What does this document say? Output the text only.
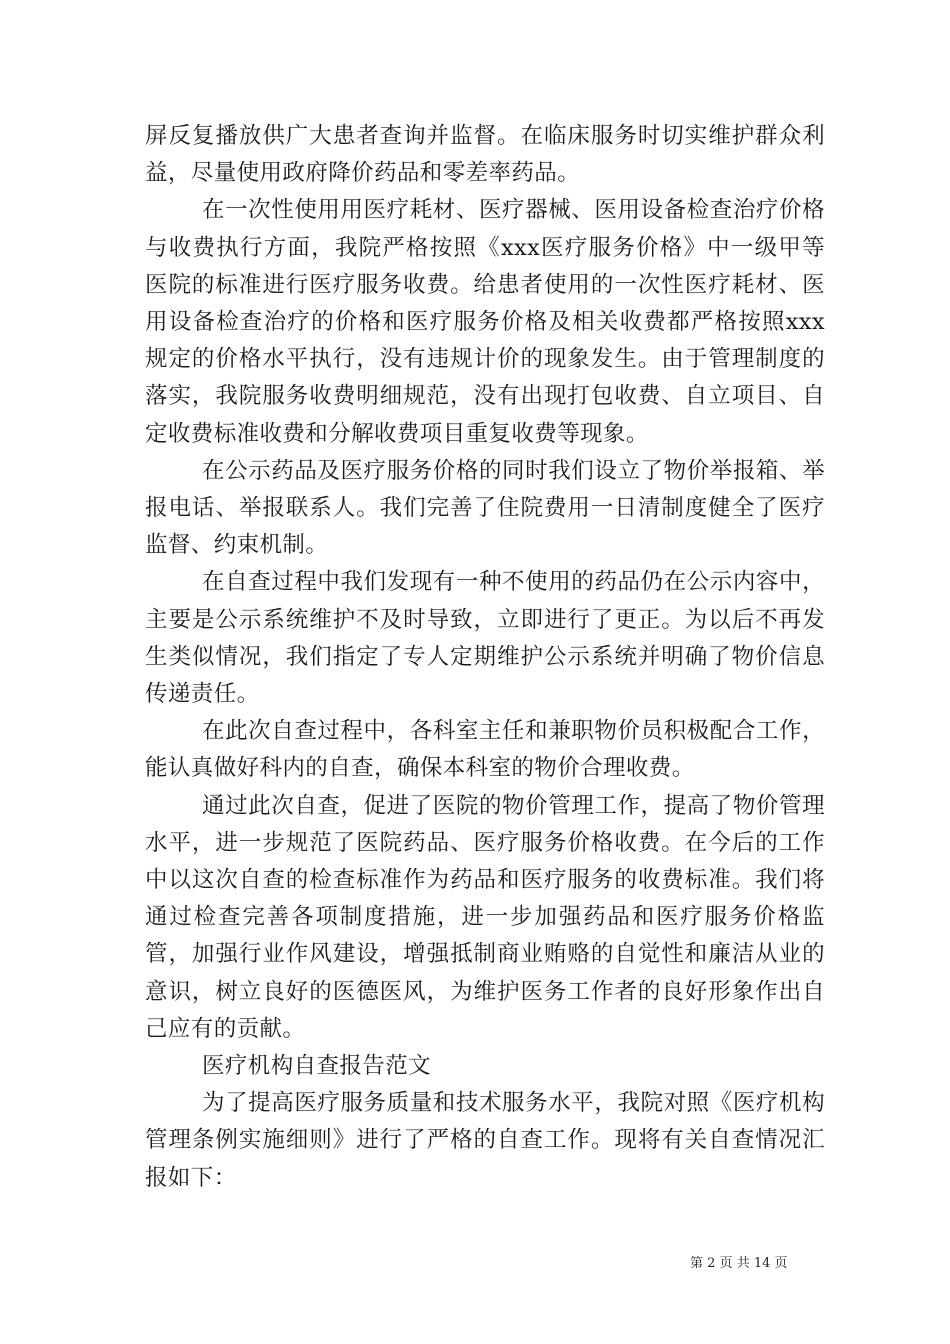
屏反复播放供广大患者查询并监督。在临床服务时切实维护群众利益，尽量使用政府降价药品和零差率药品。

在一次性使用用医疗耗材、医疗器械、医用设备检查治疗价格与收费执行方面，我院严格按照《xxx医疗服务价格》中一级甲等医院的标准进行医疗服务收费。给患者使用的一次性医疗耗材、医用设备检查治疗的价格和医疗服务价格及相关收费都严格按照xxx规定的价格水平执行，没有违规计价的现象发生。由于管理制度的落实，我院服务收费明细规范，没有出现打包收费、自立项目、自定收费标准收费和分解收费项目重复收费等现象。

在公示药品及医疗服务价格的同时我们设立了物价举报箱、举报电话、举报联系人。我们完善了住院费用一日清制度健全了医疗监督、约束机制。

在自查过程中我们发现有一种不使用的药品仍在公示内容中，主要是公示系统维护不及时导致，立即进行了更正。为以后不再发生类似情况，我们指定了专人定期维护公示系统并明确了物价信息传递责任。

在此次自查过程中，各科室主任和兼职物价员积极配合工作，能认真做好科内的自查，确保本科室的物价合理收费。

通过此次自查，促进了医院的物价管理工作，提高了物价管理水平，进一步规范了医院药品、医疗服务价格收费。在今后的工作中以这次自查的检查标准作为药品和医疗服务的收费标准。我们将通过检查完善各项制度措施，进一步加强药品和医疗服务价格监管，加强行业作风建设，增强抵制商业贿赂的自觉性和廉洁从业的意识，树立良好的医德医风，为维护医务工作者的良好形象作出自己应有的贡献。

医疗机构自查报告范文

为了提高医疗服务质量和技术服务水平，我院对照《医疗机构管理条例实施细则》进行了严格的自查工作。现将有关自查情况汇报如下：

第 2 页 共 14 页
